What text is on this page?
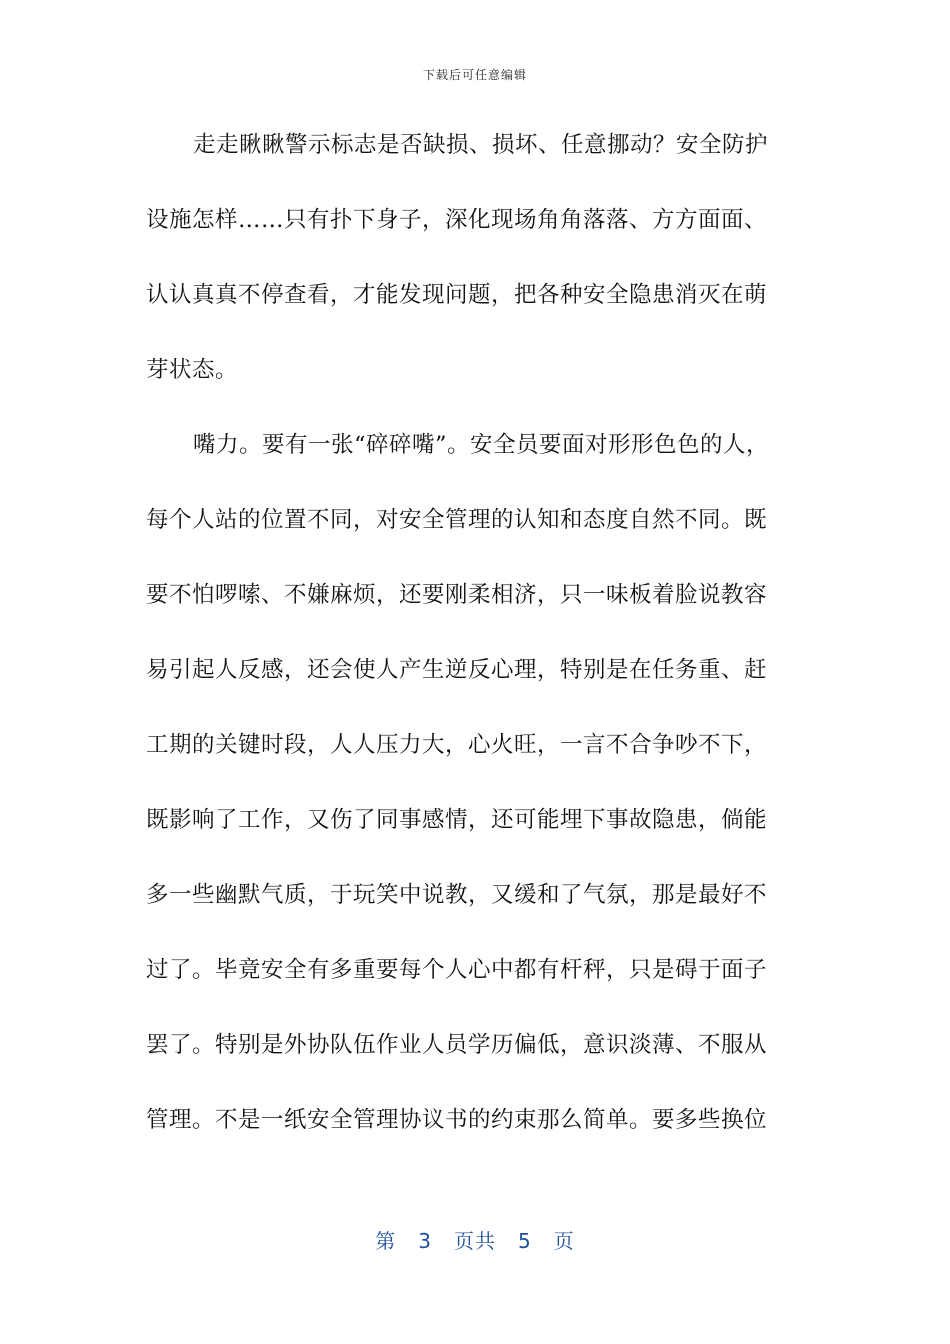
下载后可任意编辑
走走瞅瞅警示标志是否缺损、损坏、任意挪动？安全防护
设施怎样……只有扑下身子，深化现场角角落落、方方面面、
认认真真不停查看，才能发现问题，把各种安全隐患消灭在萌
芽状态。
嘴力。要有一张“碎碎嘴”。安全员要面对形形色色的人，
每个人站的位置不同，对安全管理的认知和态度自然不同。既
要不怕啰嗦、不嫌麻烦，还要刚柔相济，只一味板着脸说教容
易引起人反感，还会使人产生逆反心理，特别是在任务重、赶
工期的关键时段，人人压力大，心火旺，一言不合争吵不下，
既影响了工作，又伤了同事感情，还可能埋下事故隐患，倘能
多一些幽默气质，于玩笑中说教，又缓和了气氛，那是最好不
过了。毕竟安全有多重要每个人心中都有杆秤，只是碍于面子
罢了。特别是外协队伍作业人员学历偏低，意识淡薄、不服从
管理。不是一纸安全管理协议书的约束那么简单。要多些换位
第 3 页共 5 页
